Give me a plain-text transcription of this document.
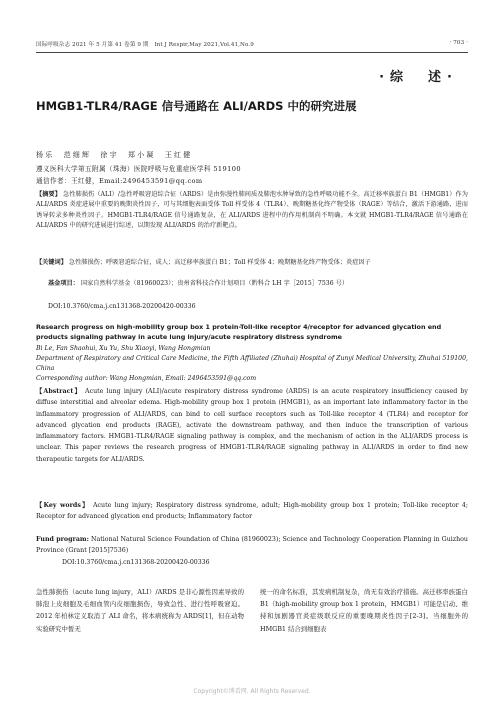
国际呼吸杂志 2021 年 5 月第 41 卷第 9 期　Int J Respir,May 2021,Vol.41,No.9	· 703 ·
·综　述·
HMGB1-TLR4/RAGE 信号通路在 ALI/ARDS 中的研究进展
杨乐　范细辉　徐宇　郑小凝　王红健
遵义医科大学第五附属（珠海）医院呼吸与危重症医学科 519100
通信作者：王红健，Email:2496453591@qq.com
【摘要】 急性肺损伤（ALI）/急性呼吸窘迫综合征（ARDS）是由弥漫性肺间质及肺泡水肿导致的急性呼吸功能不全。高迁移率族蛋白 B1（HMGB1）作为 ALI/ARDS 炎症进展中重要的晚期炎性因子，可与其细胞表面受体 Toll 样受体 4（TLR4）、晚期糖基化终产物受体（RAGE）等结合，激活下游通路，进而诱导转录多种炎性因子。HMGB1-TLR4/RAGE 信号通路复杂，在 ALI/ARDS 进程中的作用机制尚不明确。本文就 HMGB1-TLR4/RAGE 信号通路在 ALI/ARDS 中的研究进展进行综述，以期发现 ALI/ARDS 的治疗新靶点。
【关键词】 急性肺损伤；呼吸窘迫综合征，成人；高迁移率族蛋白 B1；Toll 样受体 4；晚期糖基化终产物受体；炎症因子
基金项目： 国家自然科学基金（81960023）；贵州省科技合作计划项目（黔科合 LH 字［2015］7536 号）
DOI:10.3760/cma.j.cn131368-20200420-00336
Research progress on high-mobility group box 1 protein-Toll-like receptor 4/receptor for advanced glycation end products signaling pathway in acute lung injury/acute respiratory distress syndrome
Bi Le, Fan Shaohui, Xu Yu, Shu Xiaoyi, Wang Hongmian
Department of Respiratory and Critical Care Medicine, the Fifth Affiliated (Zhuhai) Hospital of Zunyi Medical University, Zhuhai 519100, China
Corresponding author: Wang Hongmian, Email: 2496453591@qq.com
【Abstract】 Acute lung injury (ALI)/acute respiratory distress syndrome (ARDS) is an acute respiratory insufficiency caused by diffuse interstitial and alveolar edema. High-mobility group box 1 protein (HMGB1), as an important late inflammatory factor in the inflammatory progression of ALI/ARDS, can bind to cell surface receptors such as Toll-like receptor 4 (TLR4) and receptor for advanced glycation end products (RAGE), activate the downstream pathway, and then induce the transcription of various inflammatory factors. HMGB1-TLR4/RAGE signaling pathway is complex, and the mechanism of action in the ALI/ARDS process is unclear. This paper reviews the research progress of HMGB1-TLR4/RAGE signaling pathway in ALI/ARDS in order to find new therapeutic targets for ALI/ARDS.
【Key words】 Acute lung injury; Respiratory distress syndrome, adult; High-mobility group box 1 protein; Toll-like receptor 4; Receptor for advanced glycation end products; Inflammatory factor
Fund program: National Natural Science Foundation of China (81960023); Science and Technology Cooperation Planning in Guizhou Province (Grant [2015]7536)
DOI:10.3760/cma.j.cn131368-20200420-00336
急性肺损伤（acute lung injury，ALI）/ARDS 是非心源性因素导致的肺泡上皮细胞及毛细血管内皮细胞损伤，导致急性、进行性呼吸窘迫。2012 年柏林定义取消了 ALI 命名，将本病统称为 ARDS[1]，但在动物实验研究中暂无
统一的命名标准，其发病机制复杂，尚无有效治疗措施。高迁移率族蛋白 B1（high-mobility group box 1 protein，HMGB1）可能是启动、维持和加剧器官炎症级联反应的重要晚期炎性因子[2-3]。当细胞外的 HMGB1 结合到细胞表
Copyright©博看网. All Rights Reserved.
